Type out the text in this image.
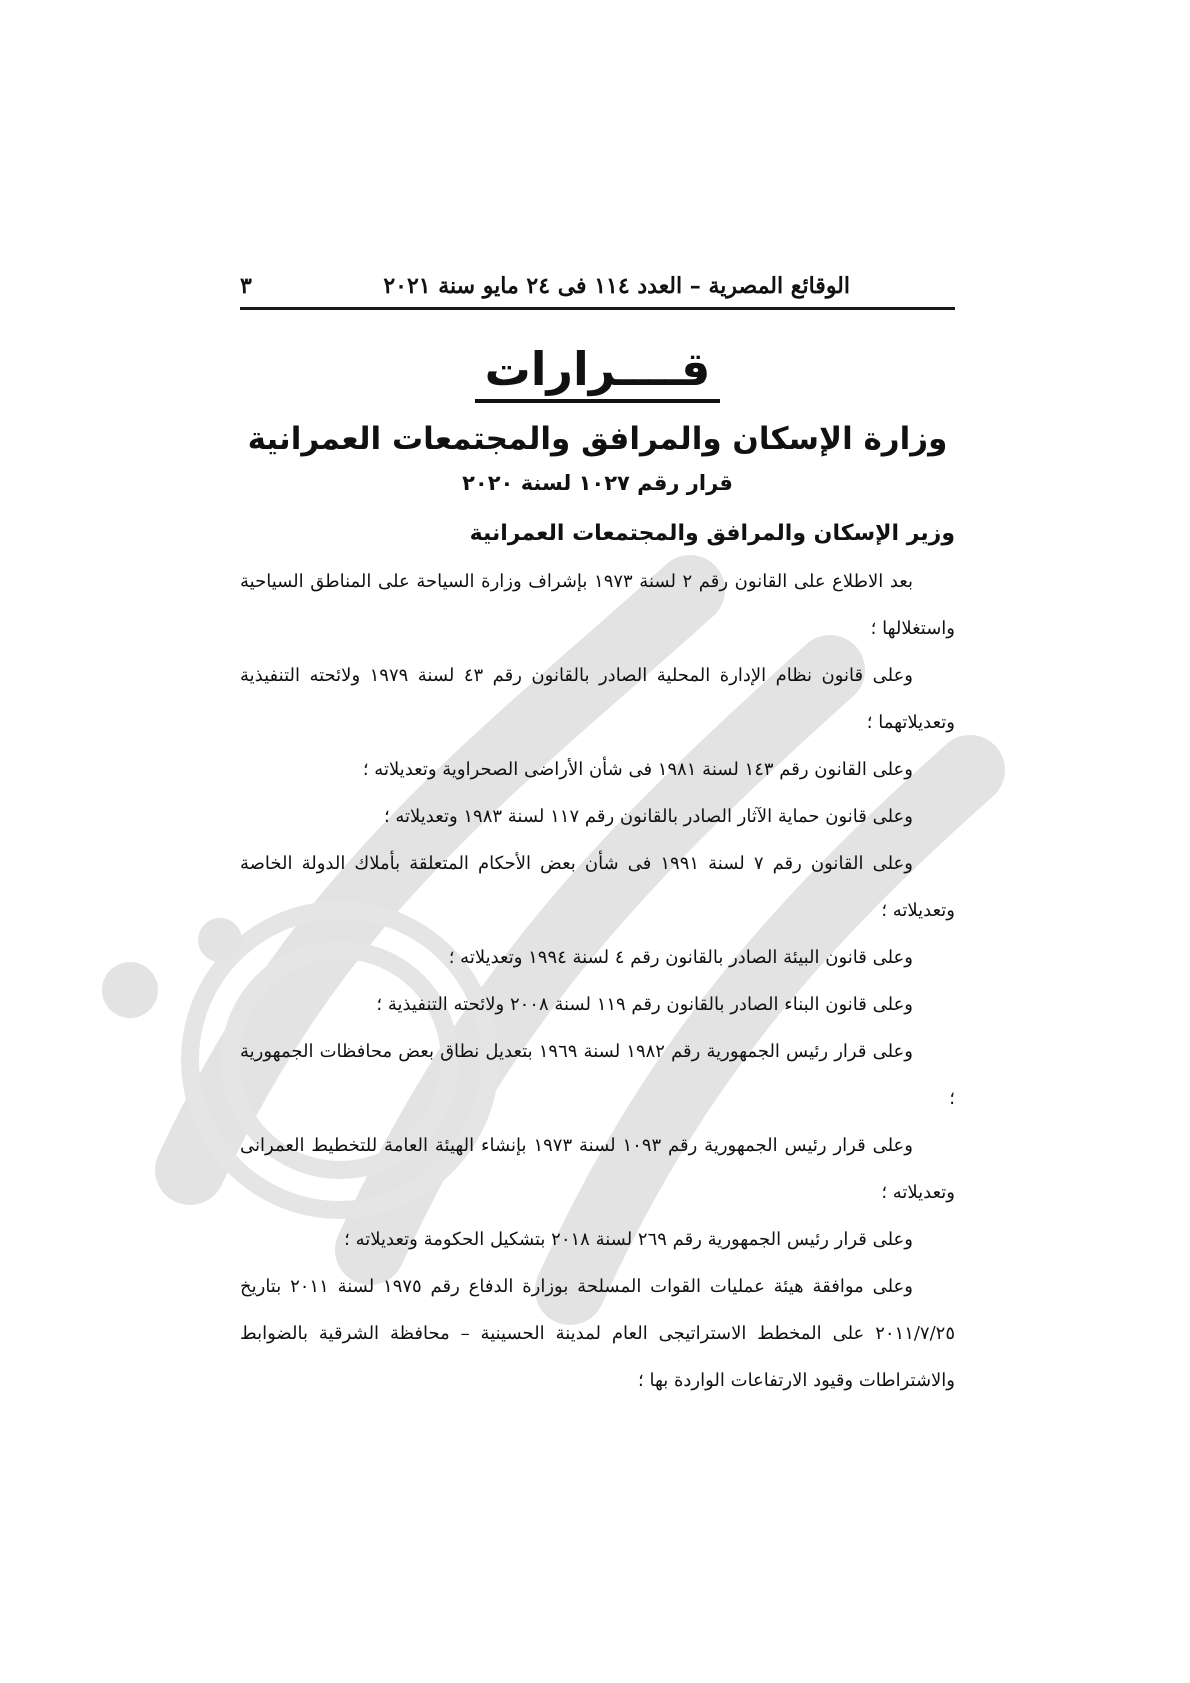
الوقائع المصرية – العدد ١١٤ فى ٢٤ مايو سنة ٢٠٢١
٣
قــــرارات
وزارة الإسكان والمرافق والمجتمعات العمرانية
قرار رقم ١٠٢٧ لسنة ٢٠٢٠
وزير الإسكان والمرافق والمجتمعات العمرانية

بعد الاطلاع على القانون رقم ٢ لسنة ١٩٧٣ بإشراف وزارة السياحة على المناطق السياحية واستغلالها ؛

وعلى قانون نظام الإدارة المحلية الصادر بالقانون رقم ٤٣ لسنة ١٩٧٩ ولائحته التنفيذية وتعديلاتهما ؛

وعلى القانون رقم ١٤٣ لسنة ١٩٨١ فى شأن الأراضى الصحراوية وتعديلاته ؛

وعلى قانون حماية الآثار الصادر بالقانون رقم ١١٧ لسنة ١٩٨٣ وتعديلاته ؛

وعلى القانون رقم ٧ لسنة ١٩٩١ فى شأن بعض الأحكام المتعلقة بأملاك الدولة الخاصة وتعديلاته ؛

وعلى قانون البيئة الصادر بالقانون رقم ٤ لسنة ١٩٩٤ وتعديلاته ؛

وعلى قانون البناء الصادر بالقانون رقم ١١٩ لسنة ٢٠٠٨ ولائحته التنفيذية ؛

وعلى قرار رئيس الجمهورية رقم ١٩٨٢ لسنة ١٩٦٩ بتعديل نطاق بعض محافظات الجمهورية ؛

وعلى قرار رئيس الجمهورية رقم ١٠٩٣ لسنة ١٩٧٣ بإنشاء الهيئة العامة للتخطيط العمرانى وتعديلاته ؛

وعلى قرار رئيس الجمهورية رقم ٢٦٩ لسنة ٢٠١٨ بتشكيل الحكومة وتعديلاته ؛

وعلى موافقة هيئة عمليات القوات المسلحة بوزارة الدفاع رقم ١٩٧٥ لسنة ٢٠١١ بتاريخ ٢٠١١/٧/٢٥ على المخطط الاستراتيجى العام لمدينة الحسينية – محافظة الشرقية بالضوابط والاشتراطات وقيود الارتفاعات الواردة بها ؛
